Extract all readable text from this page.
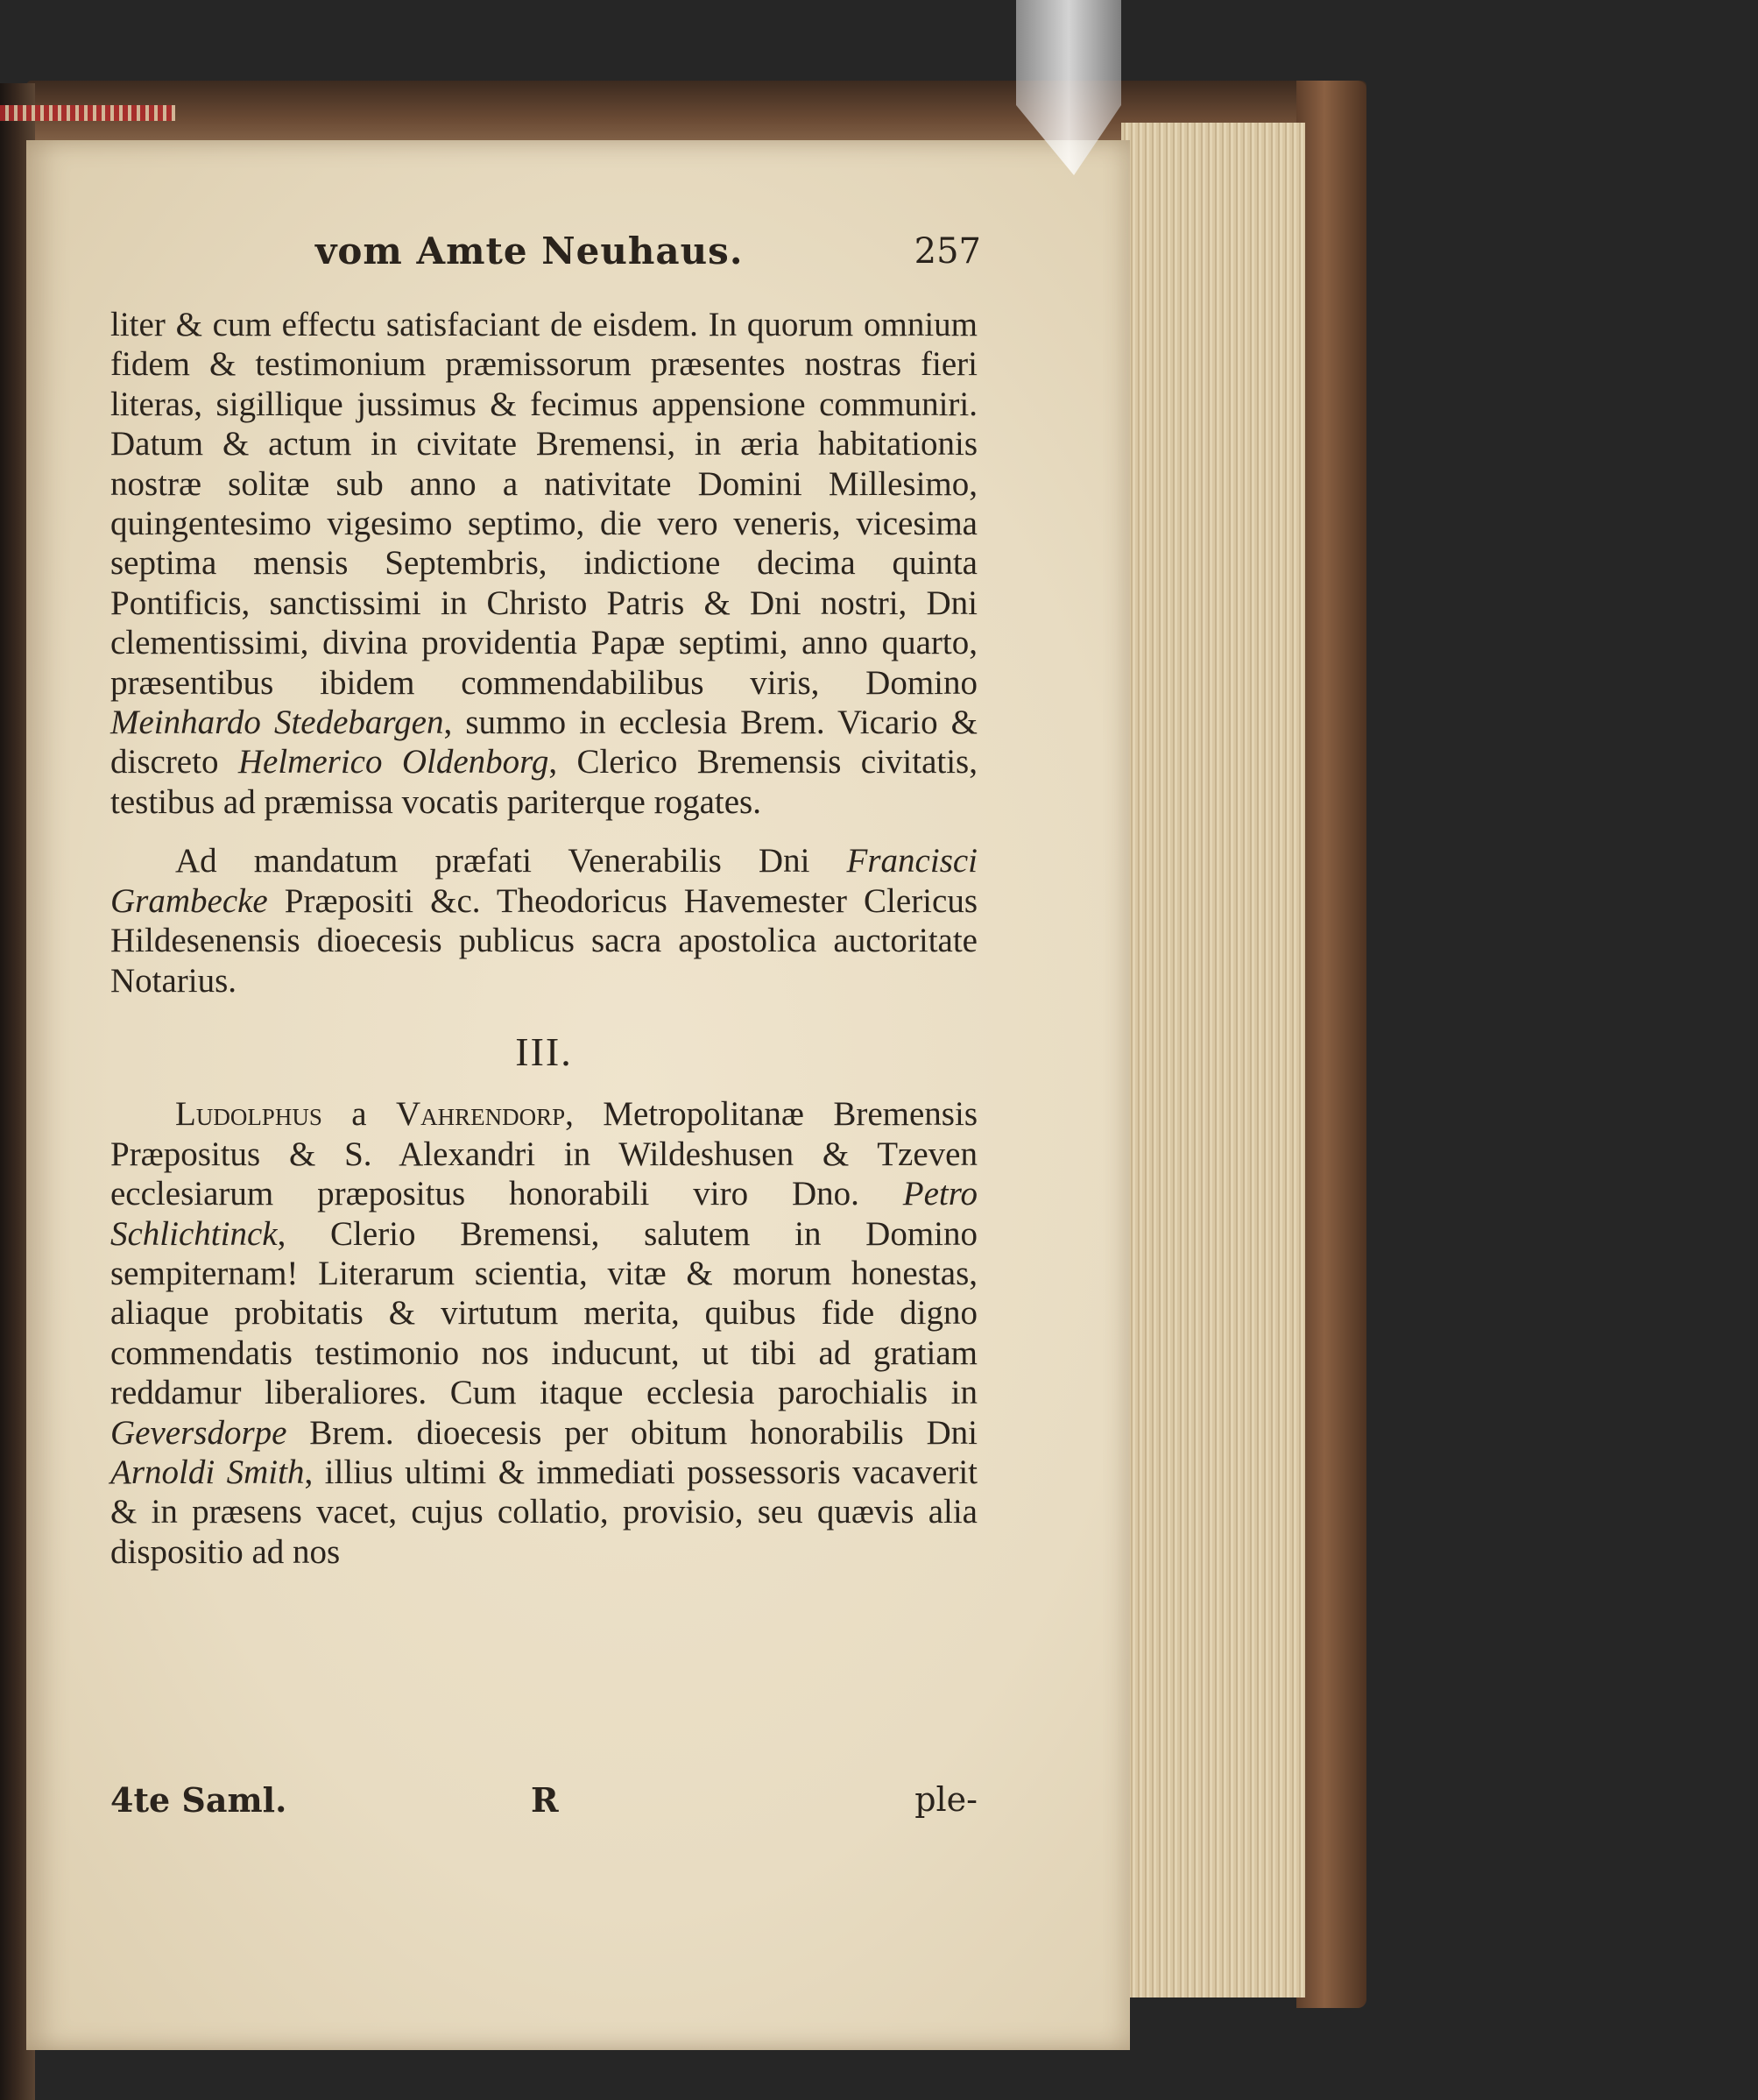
vom Amte Neuhaus.	257

liter & cum effectu satisfaciant de eisdem. In quorum omnium fidem & testimonium præmissorum præsentes nostras fieri literas, sigillique jussimus & fecimus appensione communiri. Datum & actum in civitate Bremensi, in æria habitationis nostræ solitæ sub anno a nativitate Domini Millesimo, quingentesimo vigesimo septimo, die vero veneris, vicesima septima mensis Septembris, indictione decima quinta Pontificis, sanctissimi in Christo Patris & Dni nostri, Dni clementissimi, divina providentia Papæ septimi, anno quarto, præsentibus ibidem commendabilibus viris, Domino Meinhardo Stedebargen, summo in ecclesia Brem. Vicario & discreto Helmerico Oldenborg, Clerico Bremensis civitatis, testibus ad præmissa vocatis pariterque rogates.

Ad mandatum præfati Venerabilis Dni Francisci Grambecke Præpositi &c. Theodoricus Havemester Clericus Hildesenensis dioecesis publicus sacra apostolica auctoritate Notarius.

III.

Ludolphus a Vahrendorp, Metropolitanæ Bremensis Præpositus & S. Alexandri in Wildeshusen & Tzeven ecclesiarum præpositus honorabili viro Dno. Petro Schlichtinck, Clerio Bremensi, salutem in Domino sempiternam! Literarum scientia, vitæ & morum honestas, aliaque probitatis & virtutum merita, quibus fide digno commendatis testimonio nos inducunt, ut tibi ad gratiam reddamur liberaliores. Cum itaque ecclesia parochialis in Geversdorpe Brem. dioecesis per obitum honorabilis Dni Arnoldi Smith, illius ultimi & immediati possessoris vacaverit & in præsens vacet, cujus collatio, provisio, seu quævis alia dispositio ad nos

4te Saml.	R	ple-
